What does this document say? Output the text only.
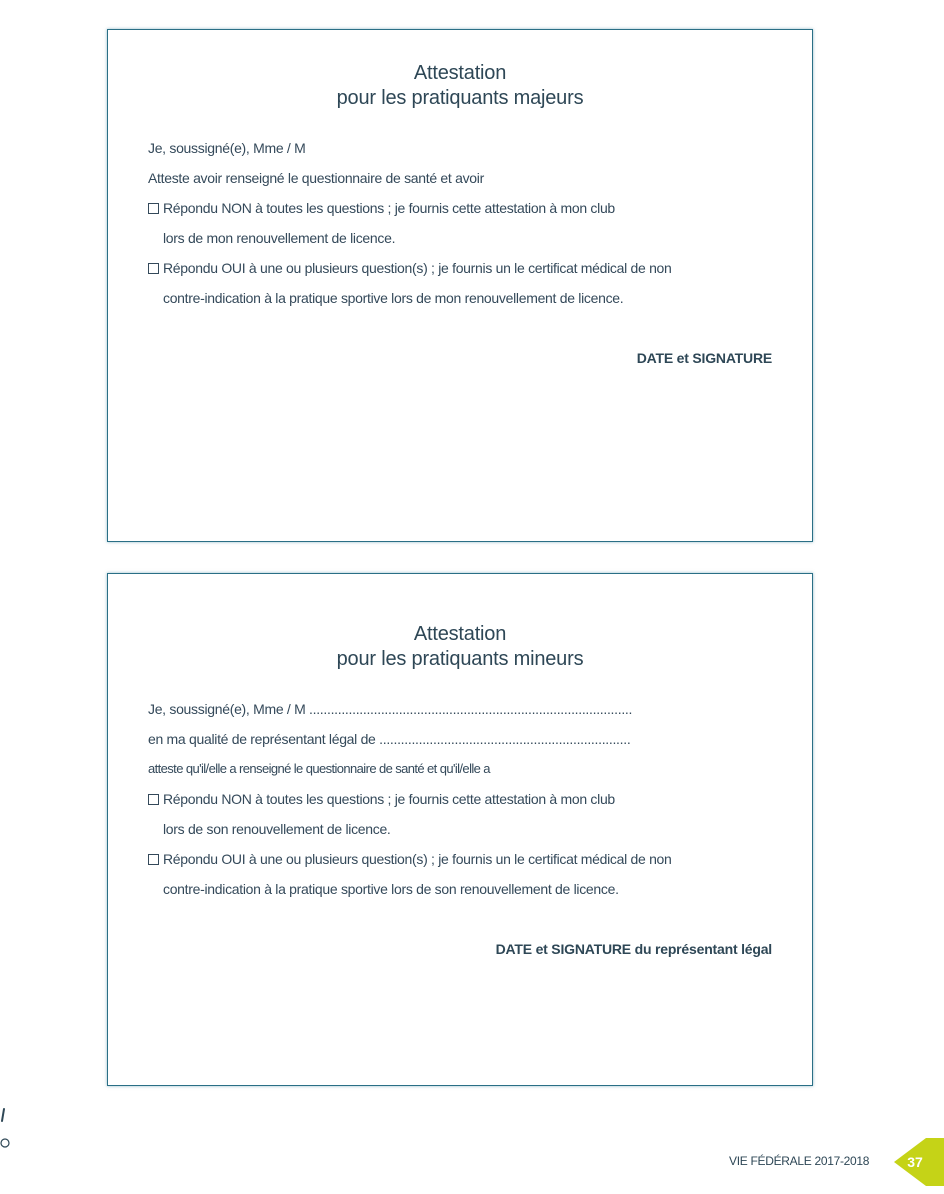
Attestation
pour les pratiquants majeurs
Je, soussigné(e), Mme / M
Atteste avoir renseigné le questionnaire de santé et avoir
Répondu NON à toutes les questions ; je fournis cette attestation à mon club
lors de mon renouvellement de licence.
Répondu OUI à une ou plusieurs question(s) ; je fournis un le certificat médical de non
contre-indication à la pratique sportive lors de mon renouvellement de licence.
DATE et SIGNATURE
Attestation
pour les pratiquants mineurs
Je, soussigné(e), Mme / M ..........................................................................................
en ma qualité de représentant légal de ......................................................................
atteste qu'il/elle a renseigné le questionnaire de santé et qu'il/elle a
Répondu NON à toutes les questions ; je fournis cette attestation à mon club
lors de son renouvellement de licence.
Répondu OUI à une ou plusieurs question(s) ; je fournis un le certificat médical de non
contre-indication à la pratique sportive lors de son renouvellement de licence.
DATE et SIGNATURE du représentant légal
VIE FÉDÉRALE 2017-2018	37
